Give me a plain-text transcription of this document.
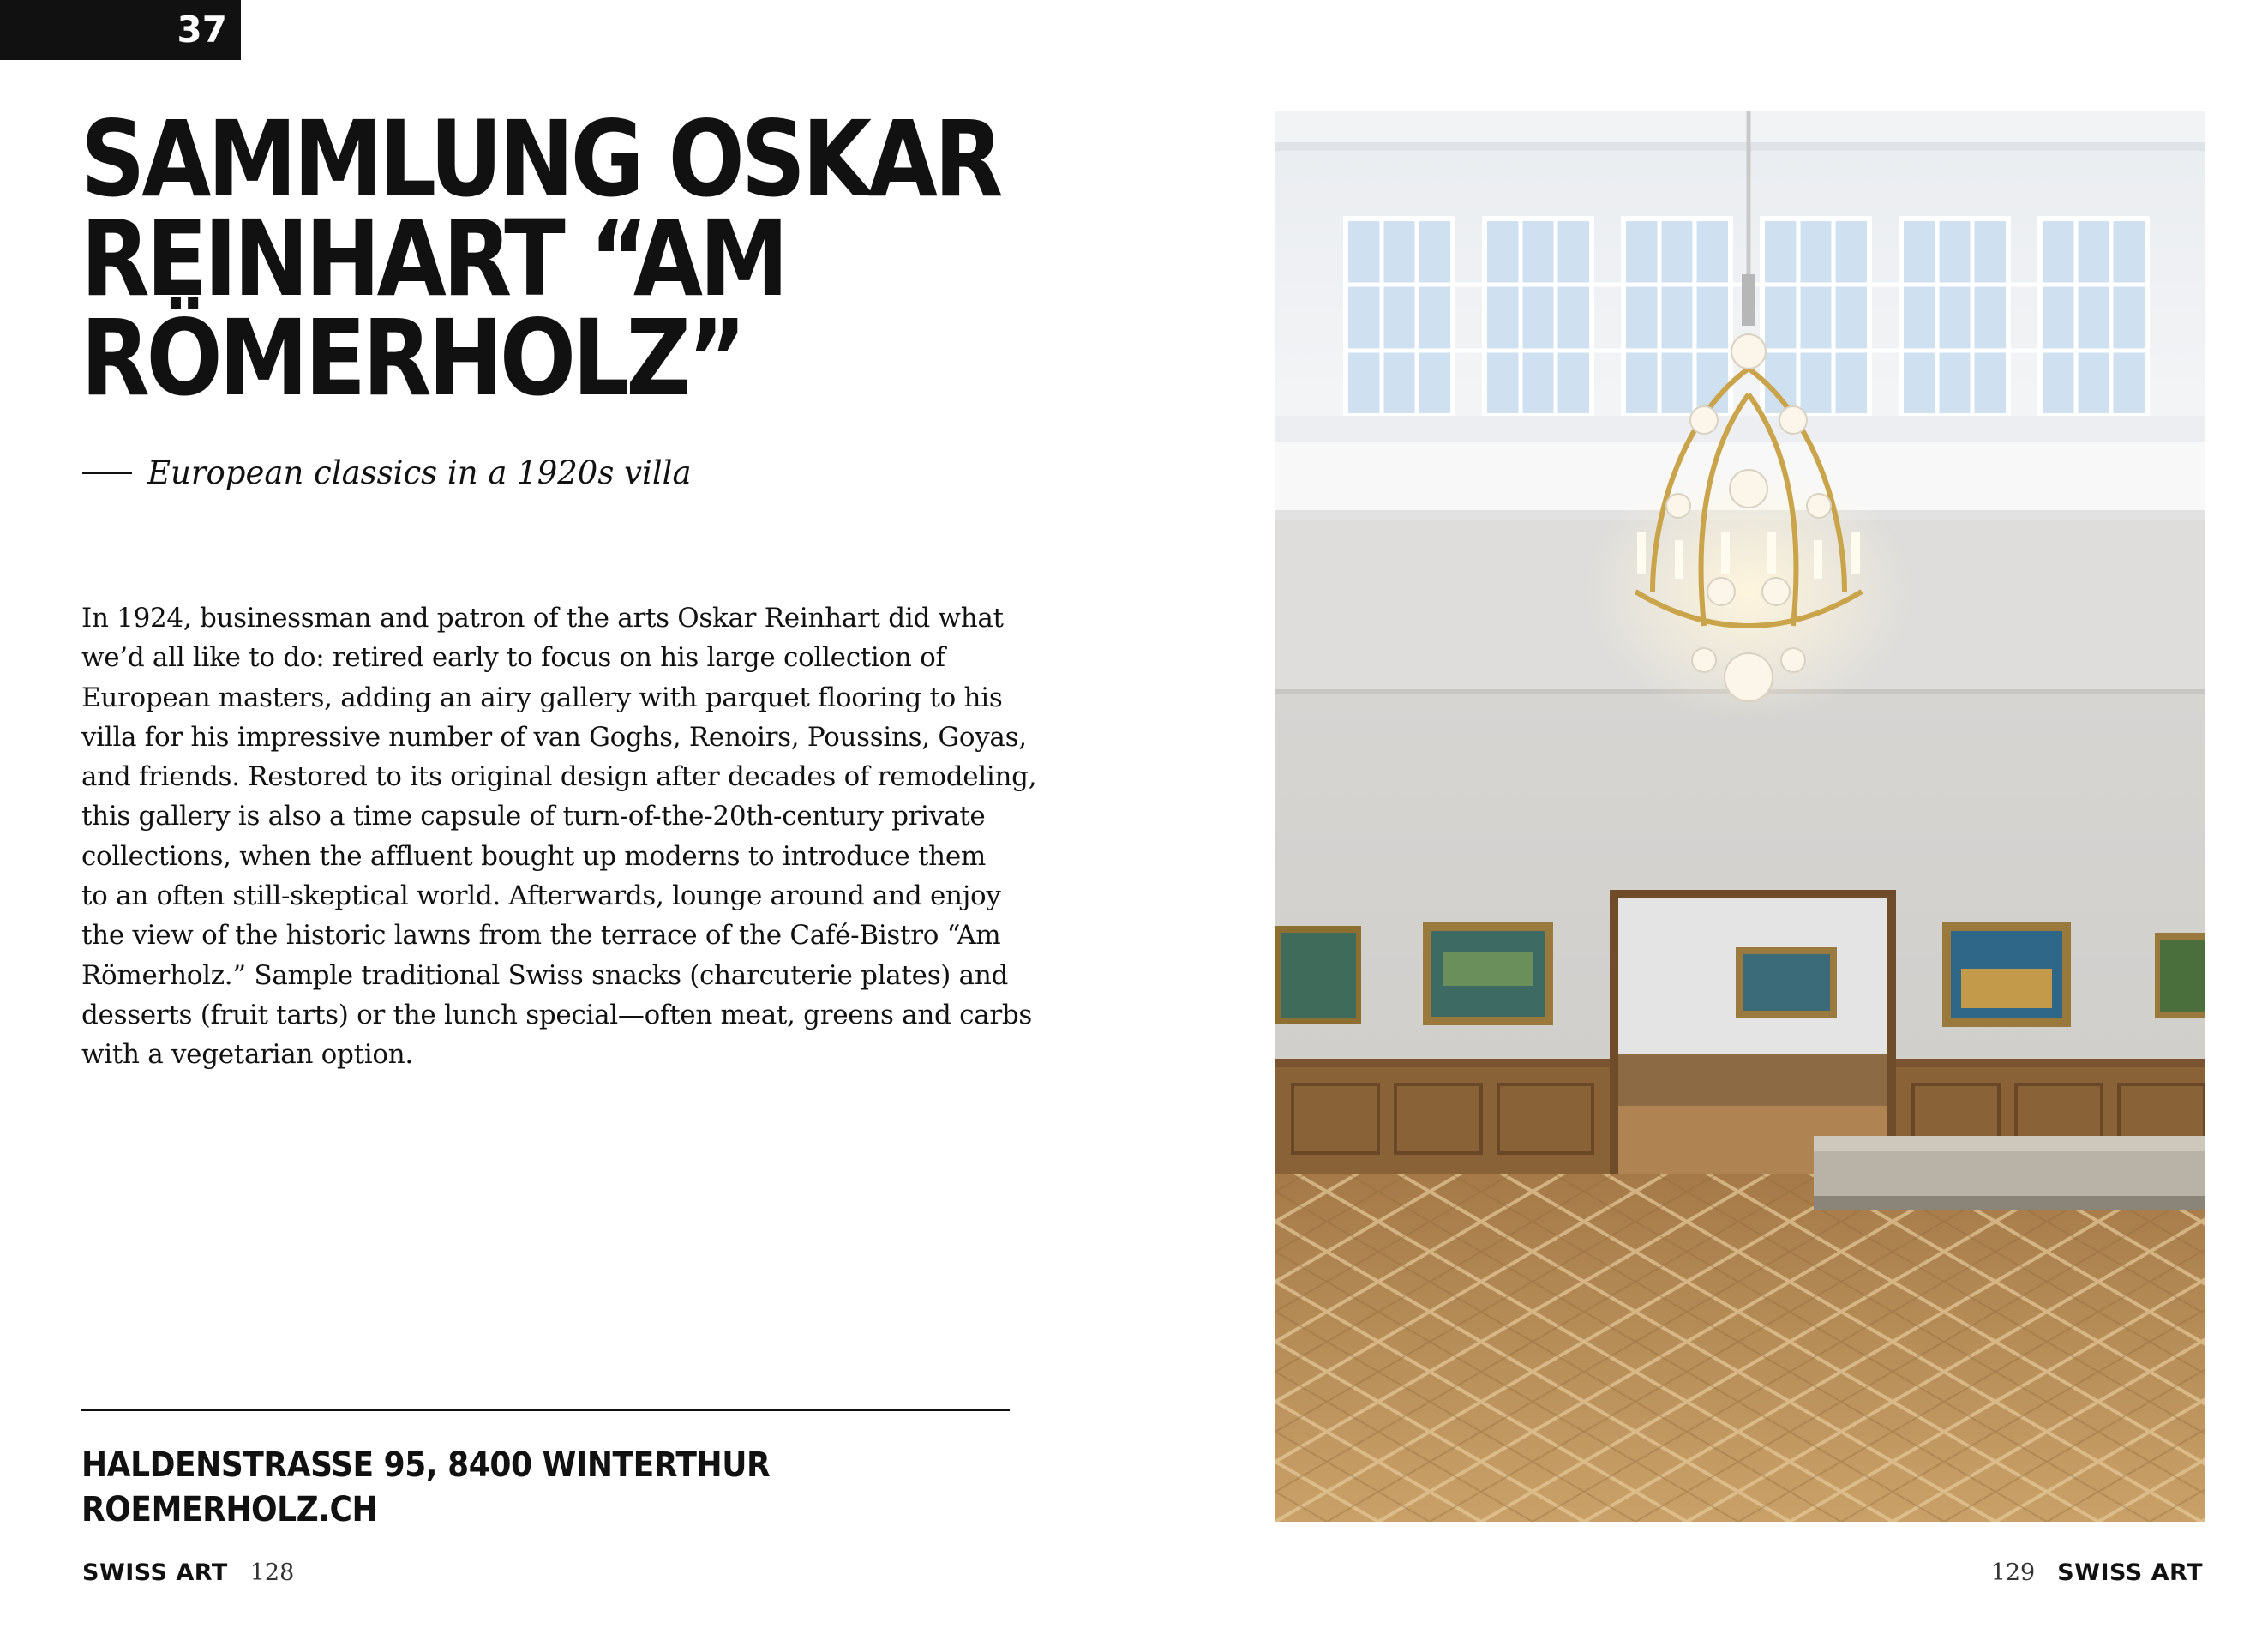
37
SAMMLUNG OSKAR
REINHART “AM
RÖMERHOLZ”
European classics in a 1920s villa

In 1924, businessman and patron of the arts Oskar Reinhart did what
we’d all like to do: retired early to focus on his large collection of
European masters, adding an airy gallery with parquet flooring to his
villa for his impressive number of van Goghs, Renoirs, Poussins, Goyas,
and friends. Restored to its original design after decades of remodeling,
this gallery is also a time capsule of turn-of-the-20th-century private
collections, when the affluent bought up moderns to introduce them
to an often still-skeptical world. Afterwards, lounge around and enjoy
the view of the historic lawns from the terrace of the Café-Bistro “Am
Römerholz.” Sample traditional Swiss snacks (charcuterie plates) and
desserts (fruit tarts) or the lunch special—often meat, greens and carbs
with a vegetarian option.

HALDENSTRASSE 95, 8400 WINTERTHUR
ROEMERHOLZ.CH
SWISS ART 128	129 SWISS ART
